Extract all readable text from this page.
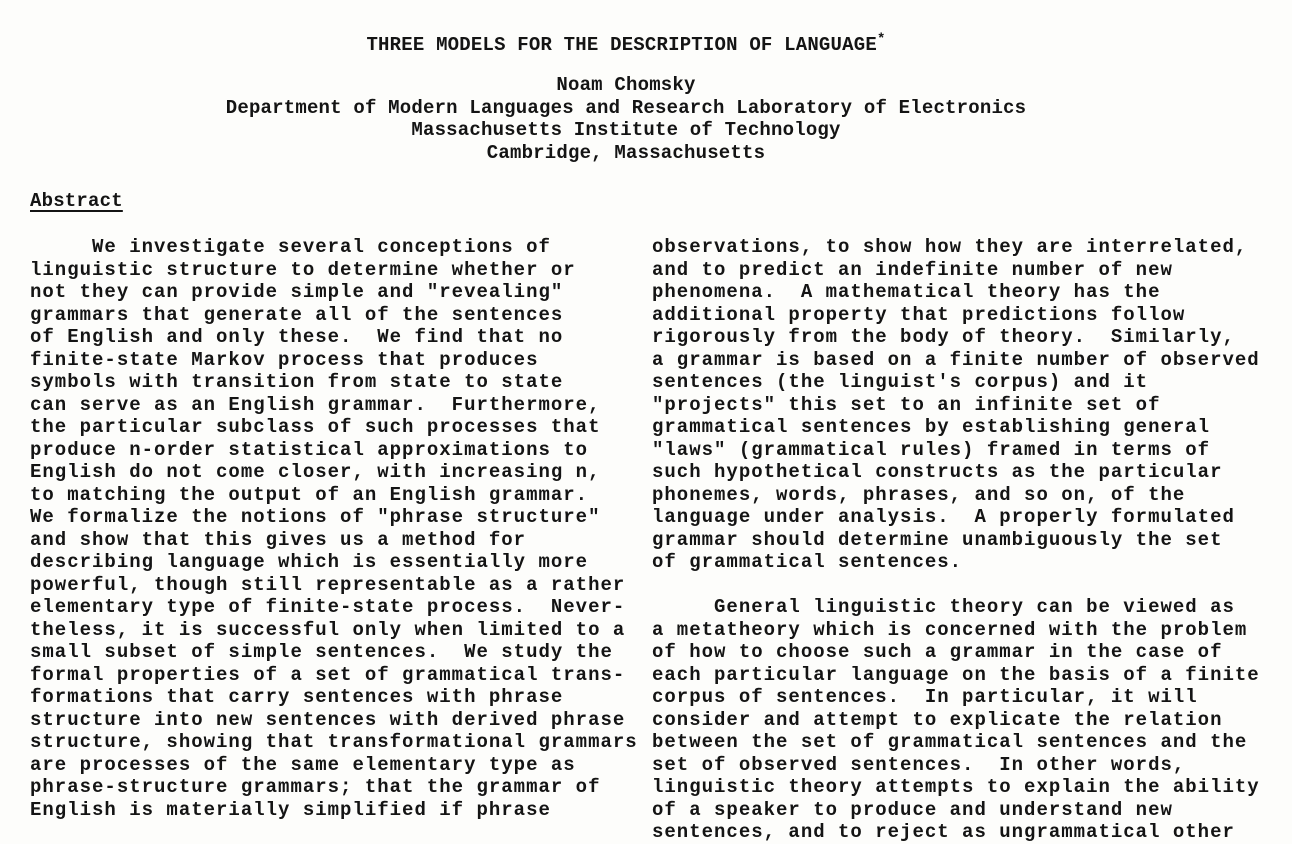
THREE MODELS FOR THE DESCRIPTION OF LANGUAGE*
Noam Chomsky
Department of Modern Languages and Research Laboratory of Electronics
Massachusetts Institute of Technology
Cambridge, Massachusetts
Abstract
We investigate several conceptions of
linguistic structure to determine whether or
not they can provide simple and "revealing"
grammars that generate all of the sentences
of English and only these.  We find that no
finite-state Markov process that produces
symbols with transition from state to state
can serve as an English grammar.  Furthermore,
the particular subclass of such processes that
produce n-order statistical approximations to
English do not come closer, with increasing n,
to matching the output of an English grammar.
We formalize the notions of "phrase structure"
and show that this gives us a method for
describing language which is essentially more
powerful, though still representable as a rather
elementary type of finite-state process.  Never-
theless, it is successful only when limited to a
small subset of simple sentences.  We study the
formal properties of a set of grammatical trans-
formations that carry sentences with phrase
structure into new sentences with derived phrase
structure, showing that transformational grammars
are processes of the same elementary type as
phrase-structure grammars; that the grammar of
English is materially simplified if phrase
observations, to show how they are interrelated,
and to predict an indefinite number of new
phenomena.  A mathematical theory has the
additional property that predictions follow
rigorously from the body of theory.  Similarly,
a grammar is based on a finite number of observed
sentences (the linguist's corpus) and it
"projects" this set to an infinite set of
grammatical sentences by establishing general
"laws" (grammatical rules) framed in terms of
such hypothetical constructs as the particular
phonemes, words, phrases, and so on, of the
language under analysis.  A properly formulated
grammar should determine unambiguously the set
of grammatical sentences.

General linguistic theory can be viewed as
a metatheory which is concerned with the problem
of how to choose such a grammar in the case of
each particular language on the basis of a finite
corpus of sentences.  In particular, it will
consider and attempt to explicate the relation
between the set of grammatical sentences and the
set of observed sentences.  In other words,
linguistic theory attempts to explain the ability
of a speaker to produce and understand new
sentences, and to reject as ungrammatical other
